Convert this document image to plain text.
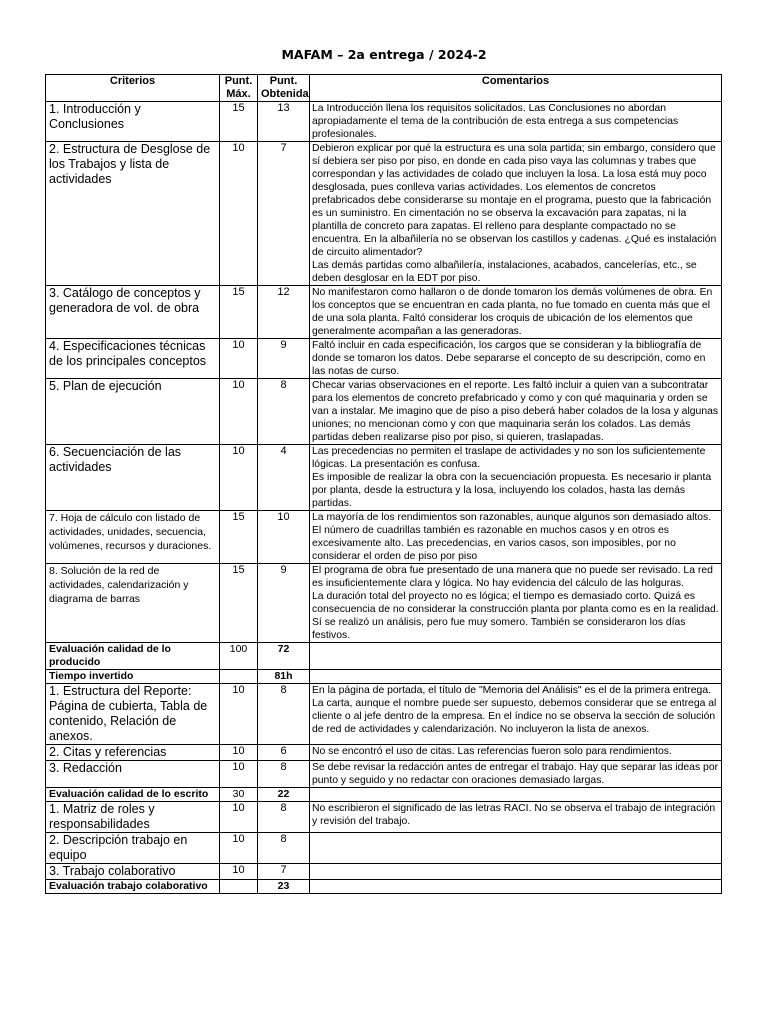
MAFAM – 2a entrega / 2024-2
Criterios	Punt. Máx.	Punt. Obtenida	Comentarios
1. Introducción y Conclusiones	15	13	La Introducción llena los requisitos solicitados. Las Conclusiones no abordan apropiadamente el tema de la contribución de esta entrega a sus competencias profesionales.

2. Estructura de Desglose de los Trabajos y lista de actividades	10	7	Debieron explicar por qué la estructura es una sola partida; sin embargo, considero que sí debiera ser piso por piso, en donde en cada piso vaya las columnas y trabes que correspondan y las actividades de colado que incluyen la losa. La losa está muy poco desglosada, pues conlleva varias actividades. Los elementos de concretos prefabricados debe considerarse su montaje en el programa, puesto que la fabricación es un suministro. En cimentación no se observa la excavación para zapatas, ni la plantilla de concreto para zapatas. El relleno para desplante compactado no se encuentra. En la albañilería no se observan los castillos y cadenas. ¿Qué es instalación de circuito alimentador?
Las demás partidas como albañilería, instalaciones, acabados, cancelerías, etc., se deben desglosar en la EDT por piso.

3. Catálogo de conceptos y generadora de vol. de obra	15	12	No manifestaron como hallaron o de donde tomaron los demás volúmenes de obra. En los conceptos que se encuentran en cada planta, no fue tomado en cuenta más que el de una sola planta. Faltó considerar los croquis de ubicación de los elementos que generalmente acompañan a las generadoras.

4. Especificaciones técnicas de los principales conceptos	10	9	Faltó incluir en cada especificación, los cargos que se consideran y la bibliografía de donde se tomaron los datos. Debe separarse el concepto de su descripción, como en las notas de curso.

5. Plan de ejecución	10	8	Checar varias observaciones en el reporte. Les faltó incluir a quien van a subcontratar para los elementos de concreto prefabricado y como y con qué maquinaria y orden se van a instalar. Me imagino que de piso a piso deberá haber colados de la losa y algunas uniones; no mencionan como y con que maquinaria serán los colados. Las demás partidas deben realizarse piso por piso, si quieren, traslapadas.

6. Secuenciación de las actividades	10	4	Las precedencias no permiten el traslape de actividades y no son los suficientemente lógicas. La presentación es confusa.
Es imposible de realizar la obra con la secuenciación propuesta. Es necesario ir planta por planta, desde la estructura y la losa, incluyendo los colados, hasta las demás partidas.

7. Hoja de cálculo con listado de actividades, unidades, secuencia, volúmenes, recursos y duraciones.	15	10	La mayoría de los rendimientos son razonables, aunque algunos son demasiado altos. El número de cuadrillas también es razonable en muchos casos y en otros es excesivamente alto. Las precedencias, en varios casos, son imposibles, por no considerar el orden de piso por piso

8. Solución de la red de actividades, calendarización y diagrama de barras	15	9	El programa de obra fue presentado de una manera que no puede ser revisado. La red es insuficientemente clara y lógica. No hay evidencia del cálculo de las holguras.
La duración total del proyecto no es lógica; el tiempo es demasiado corto. Quizá es consecuencia de no considerar la construcción planta por planta como es en la realidad.
Sí se realizó un análisis, pero fue muy somero. También se consideraron los días festivos.

Evaluación calidad de lo producido	100	72	
Tiempo invertido		81h	
1. Estructura del Reporte: Página de cubierta, Tabla de contenido, Relación de anexos.	10	8	En la página de portada, el título de "Memoria del Análisis" es el de la primera entrega. La carta, aunque el nombre puede ser supuesto, debemos considerar que se entrega al cliente o al jefe dentro de la empresa. En el índice no se observa la sección de solución de red de actividades y calendarización. No incluyeron la lista de anexos.

2. Citas y referencias	10	6	No se encontró el uso de citas. Las referencias fueron solo para rendimientos.

3. Redacción	10	8	Se debe revisar la redacción antes de entregar el trabajo. Hay que separar las ideas por punto y seguido y no redactar con oraciones demasiado largas.

Evaluación calidad de lo escrito	30	22	
1. Matriz de roles y responsabilidades	10	8	No escribieron el significado de las letras RACI. No se observa el trabajo de integración y revisión del trabajo.

2. Descripción trabajo en equipo	10	8	

3. Trabajo colaborativo	10	7	

Evaluación trabajo colaborativo		23	
